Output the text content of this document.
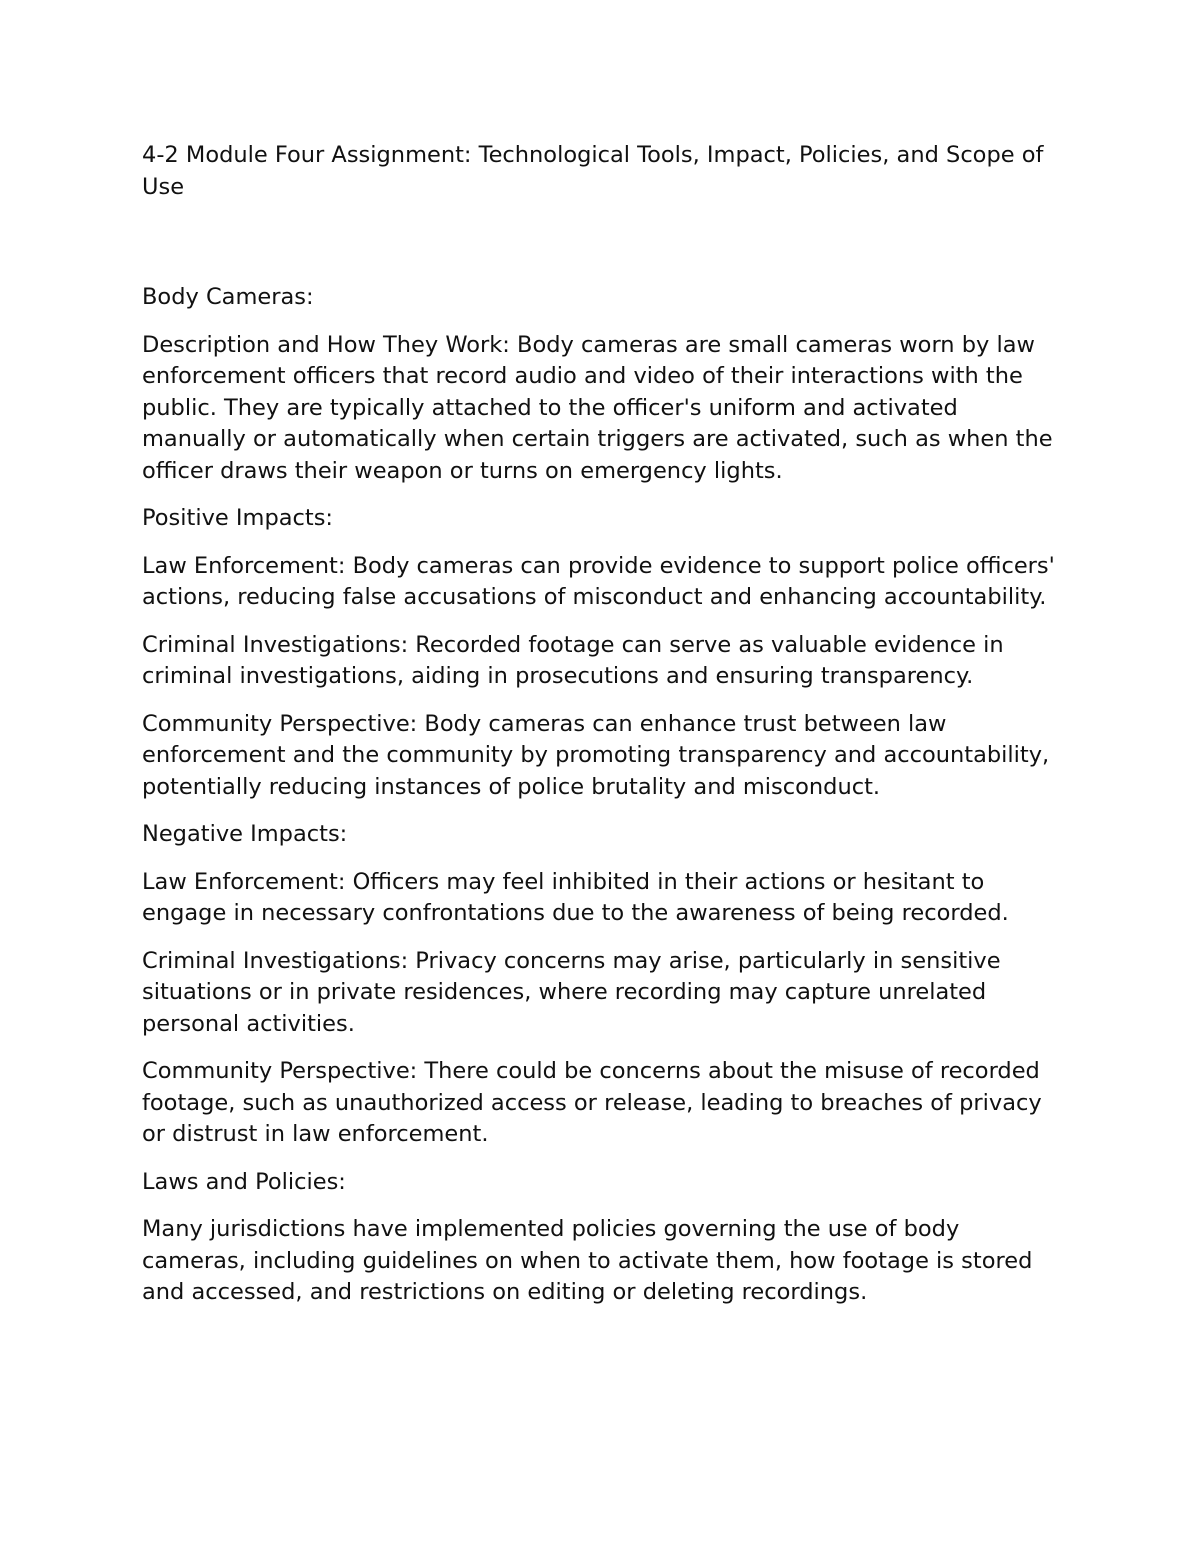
4-2 Module Four Assignment: Technological Tools, Impact, Policies, and Scope of Use

Body Cameras:

Description and How They Work: Body cameras are small cameras worn by law enforcement officers that record audio and video of their interactions with the public. They are typically attached to the officer's uniform and activated manually or automatically when certain triggers are activated, such as when the officer draws their weapon or turns on emergency lights.

Positive Impacts:

Law Enforcement: Body cameras can provide evidence to support police officers' actions, reducing false accusations of misconduct and enhancing accountability.

Criminal Investigations: Recorded footage can serve as valuable evidence in criminal investigations, aiding in prosecutions and ensuring transparency.

Community Perspective: Body cameras can enhance trust between law enforcement and the community by promoting transparency and accountability, potentially reducing instances of police brutality and misconduct.

Negative Impacts:

Law Enforcement: Officers may feel inhibited in their actions or hesitant to engage in necessary confrontations due to the awareness of being recorded.

Criminal Investigations: Privacy concerns may arise, particularly in sensitive situations or in private residences, where recording may capture unrelated personal activities.

Community Perspective: There could be concerns about the misuse of recorded footage, such as unauthorized access or release, leading to breaches of privacy or distrust in law enforcement.

Laws and Policies:

Many jurisdictions have implemented policies governing the use of body cameras, including guidelines on when to activate them, how footage is stored and accessed, and restrictions on editing or deleting recordings.
